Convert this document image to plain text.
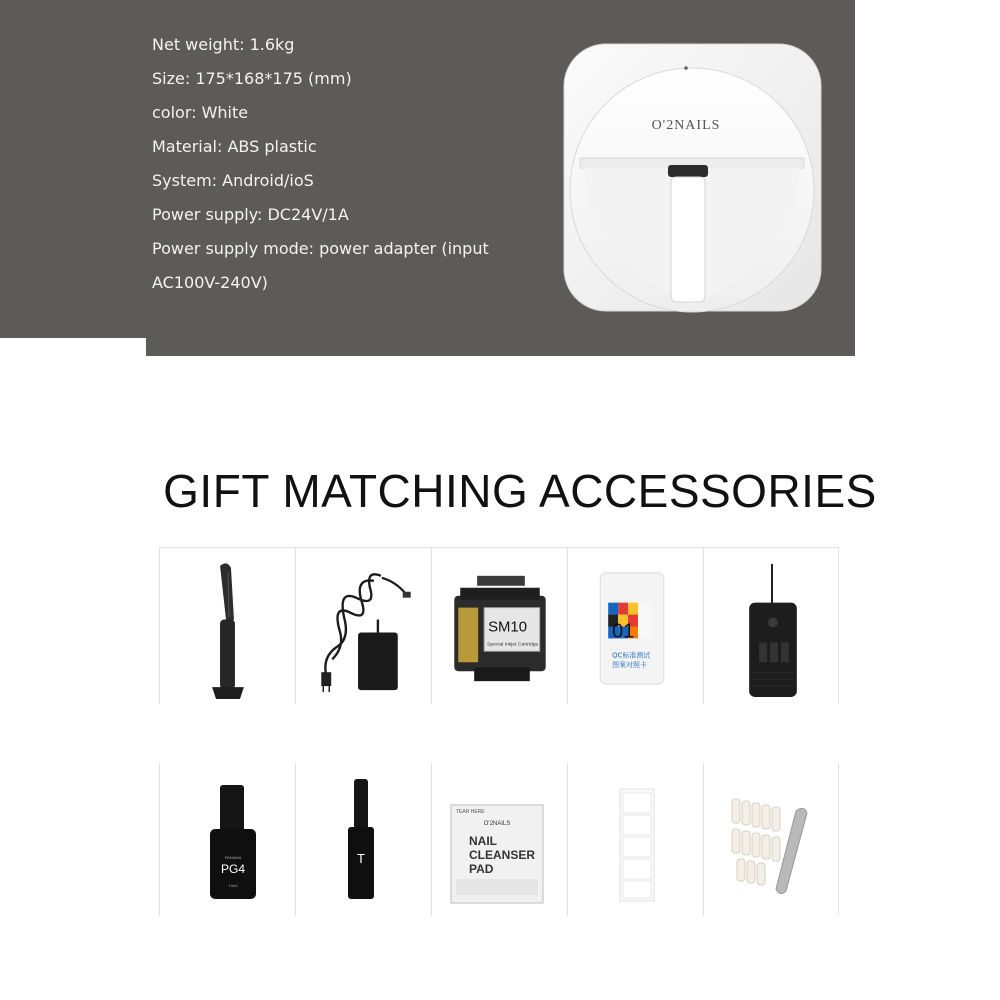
Net weight: 1.6kg
Size: 175*168*175 (mm)
color: White
Material: ABS plastic
System: Android/ioS
Power supply: DC24V/1A
Power supply mode: power adapter (input AC100V-240V)
O'2NAILS
GIFT MATCHING ACCESSORIES
SM10
Special Inkjet Cartridge
01
QC标准测试
图案对照卡
PANAMA
PG4
10ml
T
TEAR HERE
O'2NAILS
NAIL
CLEANSER
PAD
